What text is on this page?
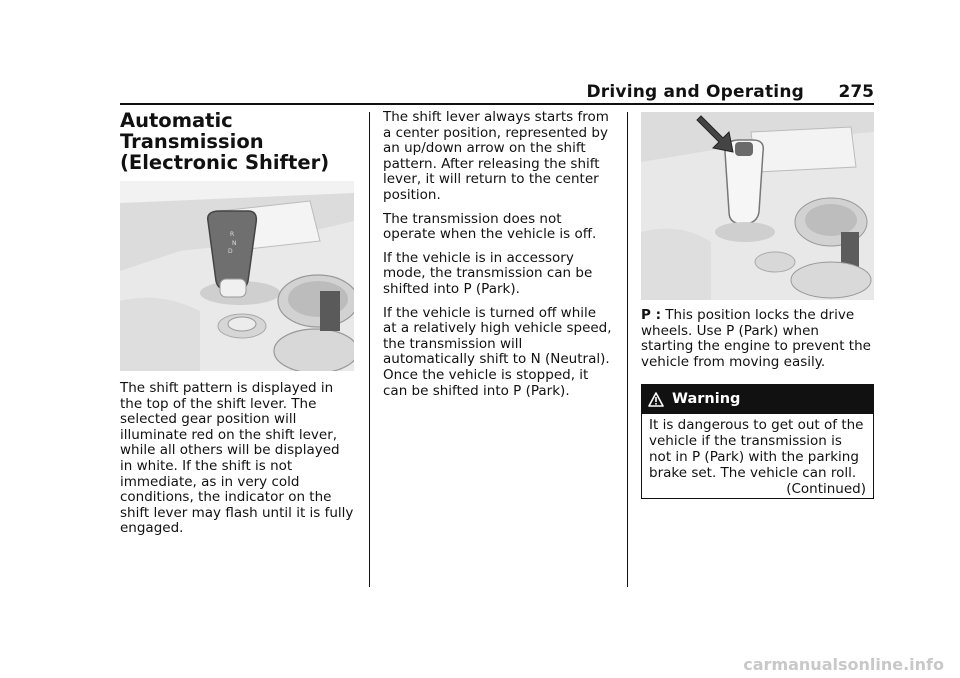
Driving and Operating 275
Automatic Transmission (Electronic Shifter)
R
N
D

The shift pattern is displayed in the top of the shift lever. The selected gear position will illuminate red on the shift lever, while all others will be displayed in white. If the shift is not immediate, as in very cold conditions, the indicator on the shift lever may flash until it is fully engaged.

The shift lever always starts from a center position, represented by an up/down arrow on the shift pattern. After releasing the shift lever, it will return to the center position.

The transmission does not operate when the vehicle is off.

If the vehicle is in accessory mode, the transmission can be shifted into P (Park).

If the vehicle is turned off while at a relatively high vehicle speed, the transmission will automatically shift to N (Neutral). Once the vehicle is stopped, it can be shifted into P (Park).

P : This position locks the drive wheels. Use P (Park) when starting the engine to prevent the vehicle from moving easily.

Warning
It is dangerous to get out of the vehicle if the transmission is not in P (Park) with the parking brake set. The vehicle can roll.
(Continued)
carmanualsonline.info
